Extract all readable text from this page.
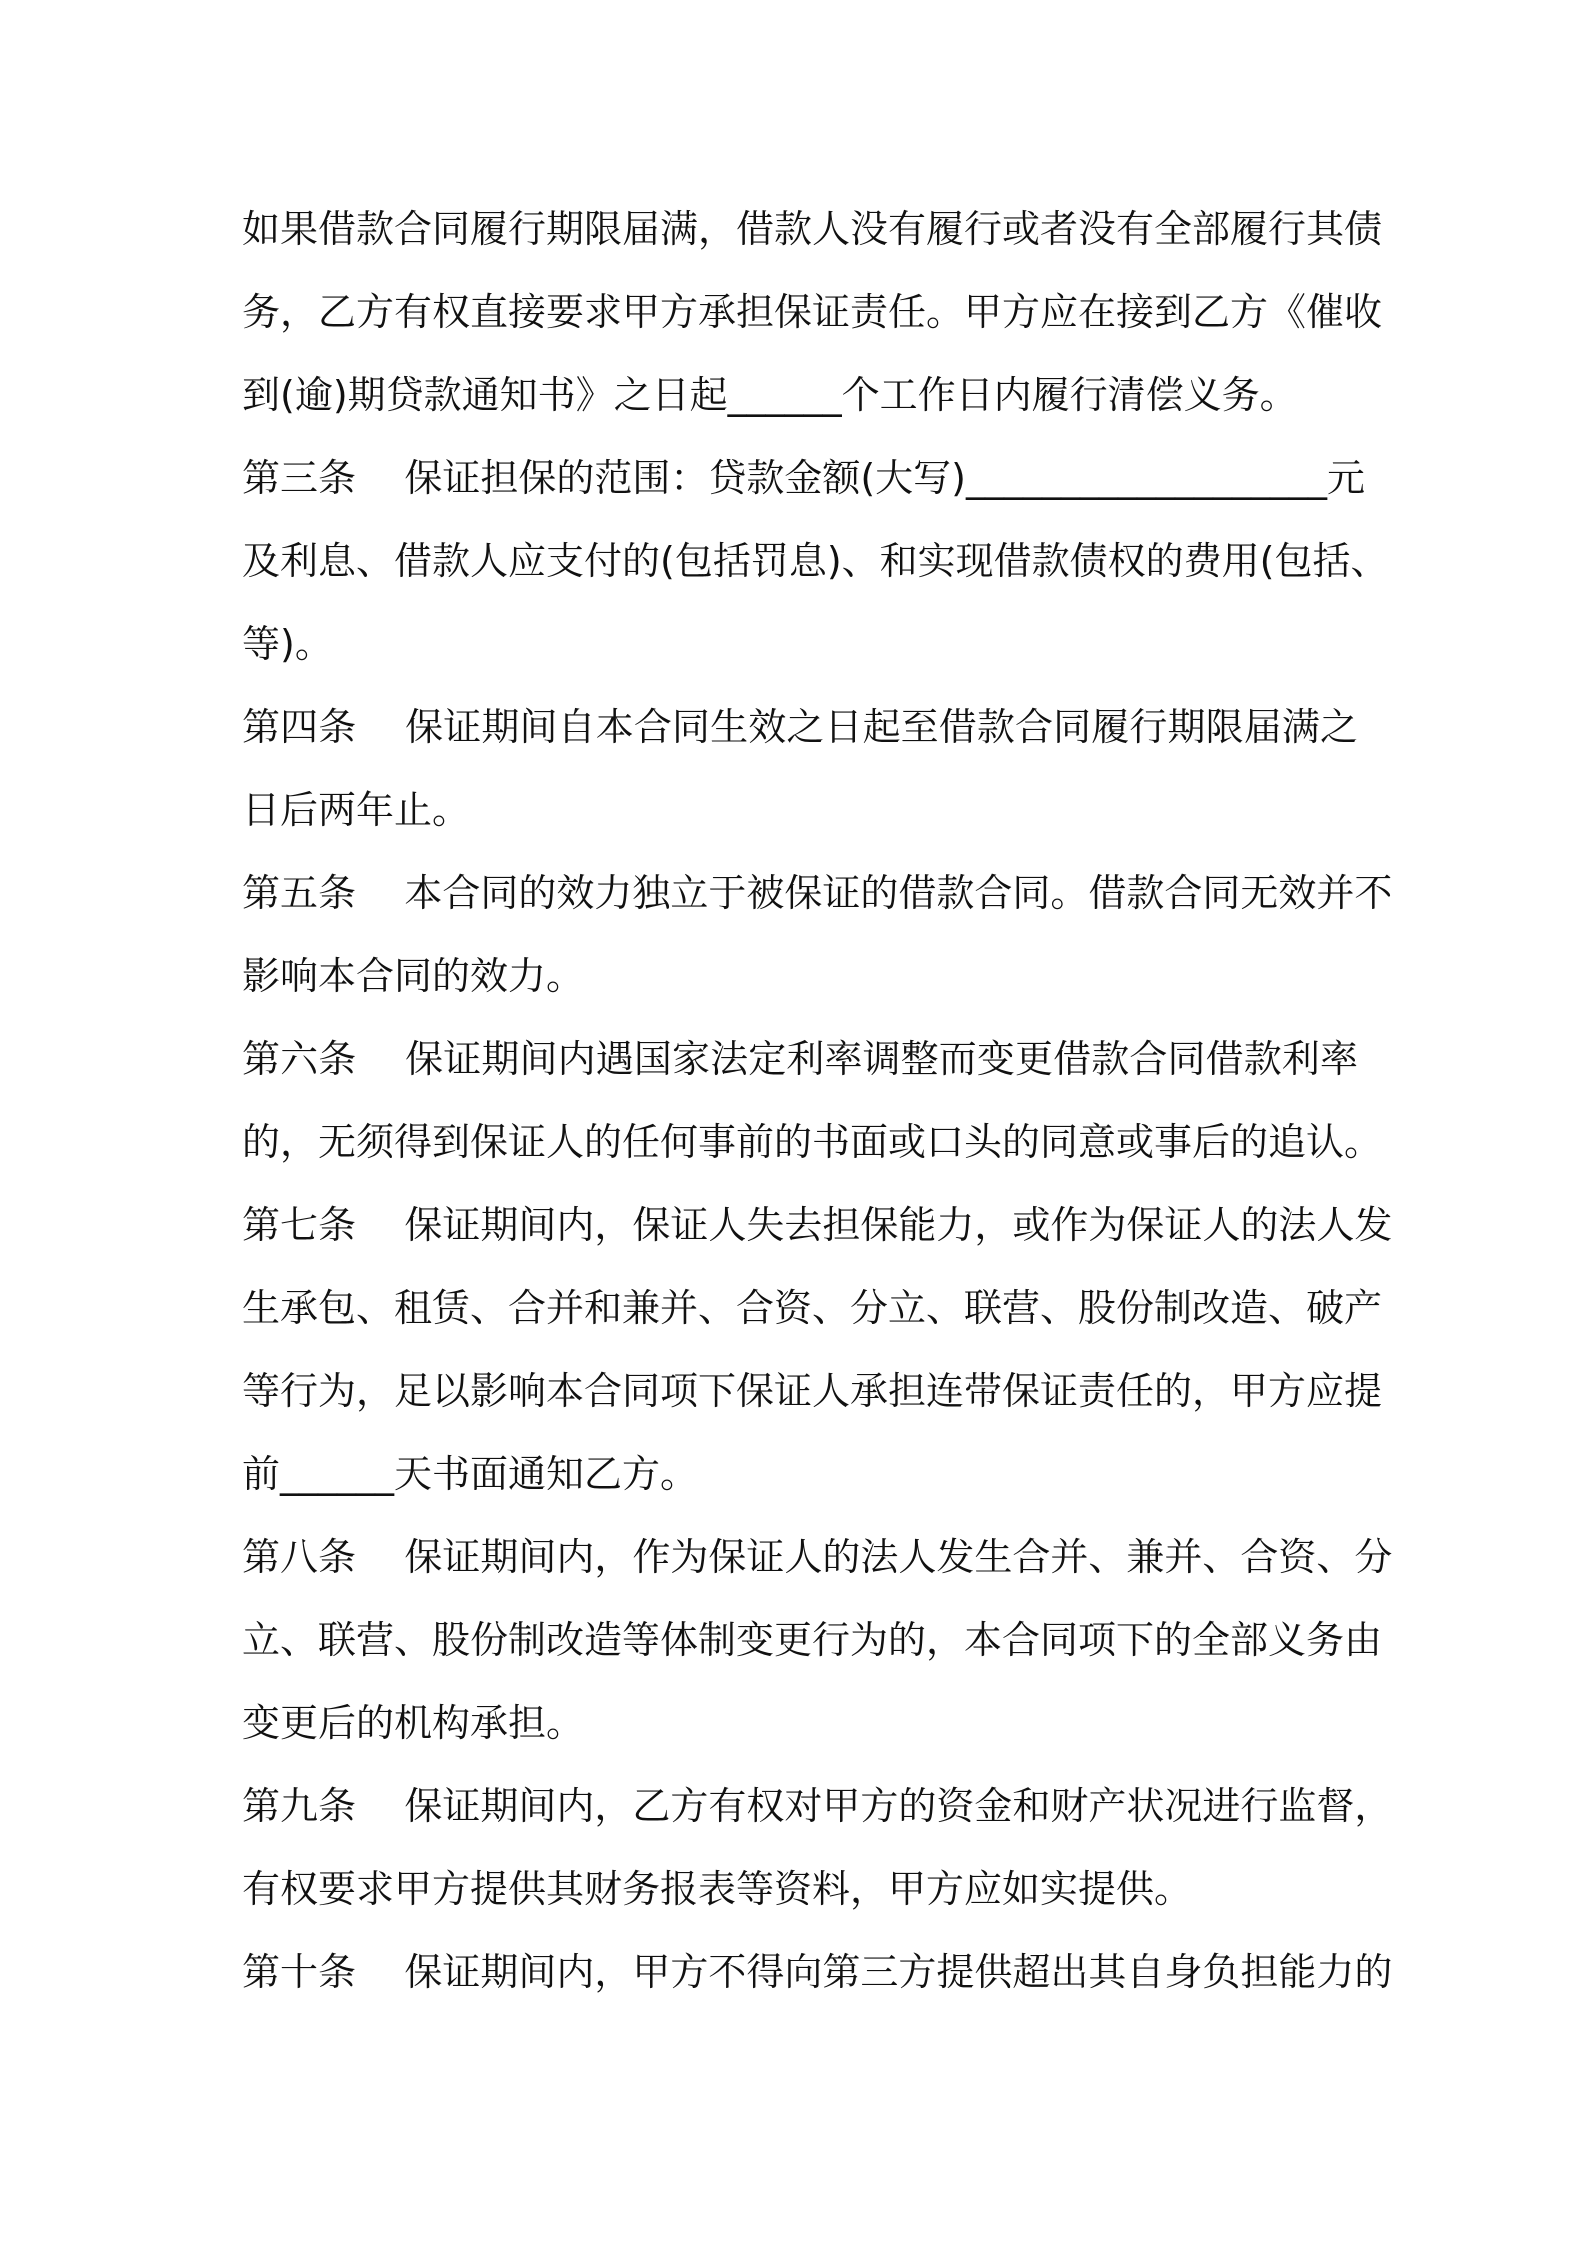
如果借款合同履行期限届满，借款人没有履行或者没有全部履行其债
务，乙方有权直接要求甲方承担保证责任。甲方应在接到乙方《催收
到(逾)期贷款通知书》之日起______个工作日内履行清偿义务。
第三条    保证担保的范围：贷款金额(大写)___________________元
及利息、借款人应支付的(包括罚息)、和实现借款债权的费用(包括、
等)。
第四条    保证期间自本合同生效之日起至借款合同履行期限届满之
日后两年止。
第五条    本合同的效力独立于被保证的借款合同。借款合同无效并不
影响本合同的效力。
第六条    保证期间内遇国家法定利率调整而变更借款合同借款利率
的，无须得到保证人的任何事前的书面或口头的同意或事后的追认。
第七条    保证期间内，保证人失去担保能力，或作为保证人的法人发
生承包、租赁、合并和兼并、合资、分立、联营、股份制改造、破产
等行为，足以影响本合同项下保证人承担连带保证责任的，甲方应提
前______天书面通知乙方。
第八条    保证期间内，作为保证人的法人发生合并、兼并、合资、分
立、联营、股份制改造等体制变更行为的，本合同项下的全部义务由
变更后的机构承担。
第九条    保证期间内，乙方有权对甲方的资金和财产状况进行监督，
有权要求甲方提供其财务报表等资料，甲方应如实提供。
第十条    保证期间内，甲方不得向第三方提供超出其自身负担能力的
